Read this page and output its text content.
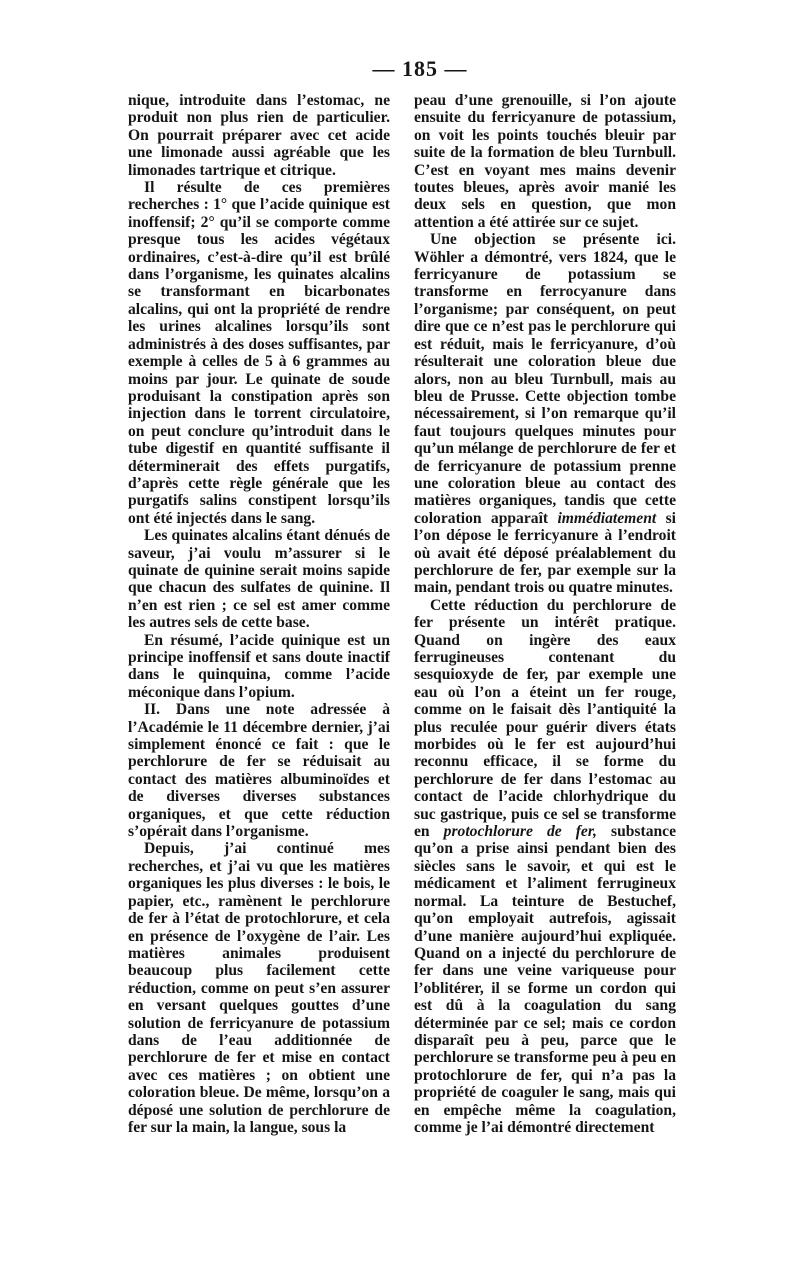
— 185 —

nique, introduite dans l’estomac, ne produit non plus rien de particulier. On pourrait préparer avec cet acide une limonade aussi agréable que les limonades tartrique et citrique.

Il résulte de ces premières recherches : 1° que l’acide quinique est inoffensif; 2° qu’il se comporte comme presque tous les acides végétaux ordinaires, c’est-à-dire qu’il est brûlé dans l’organisme, les quinates alcalins se transformant en bicarbonates alcalins, qui ont la propriété de rendre les urines alcalines lorsqu’ils sont administrés à des doses suffisantes, par exemple à celles de 5 à 6 grammes au moins par jour. Le quinate de soude produisant la constipation après son injection dans le torrent circulatoire, on peut conclure qu’introduit dans le tube digestif en quantité suffisante il déterminerait des effets purgatifs, d’après cette règle générale que les purgatifs salins constipent lorsqu’ils ont été injectés dans le sang.

Les quinates alcalins étant dénués de saveur, j’ai voulu m’assurer si le quinate de quinine serait moins sapide que chacun des sulfates de quinine. Il n’en est rien ; ce sel est amer comme les autres sels de cette base.

En résumé, l’acide quinique est un principe inoffensif et sans doute inactif dans le quinquina, comme l’acide méconique dans l’opium.

II. Dans une note adressée à l’Académie le 11 décembre dernier, j’ai simplement énoncé ce fait : que le perchlorure de fer se réduisait au contact des matières albuminoïdes et de diverses diverses substances organiques, et que cette réduction s’opérait dans l’organisme.

Depuis, j’ai continué mes recherches, et j’ai vu que les matières organiques les plus diverses : le bois, le papier, etc., ramènent le perchlorure de fer à l’état de protochlorure, et cela en présence de l’oxygène de l’air. Les matières animales produisent beaucoup plus facilement cette réduction, comme on peut s’en assurer en versant quelques gouttes d’une solution de ferricyanure de potassium dans de l’eau additionnée de perchlorure de fer et mise en contact avec ces matières ; on obtient une coloration bleue. De même, lorsqu’on a déposé une solution de perchlorure de fer sur la main, la langue, sous la

peau d’une grenouille, si l’on ajoute ensuite du ferricyanure de potassium, on voit les points touchés bleuir par suite de la formation de bleu Turnbull. C’est en voyant mes mains devenir toutes bleues, après avoir manié les deux sels en question, que mon attention a été attirée sur ce sujet.

Une objection se présente ici. Wöhler a démontré, vers 1824, que le ferricyanure de potassium se transforme en ferrocyanure dans l’organisme; par conséquent, on peut dire que ce n’est pas le perchlorure qui est réduit, mais le ferricyanure, d’où résulterait une coloration bleue due alors, non au bleu Turnbull, mais au bleu de Prusse. Cette objection tombe nécessairement, si l’on remarque qu’il faut toujours quelques minutes pour qu’un mélange de perchlorure de fer et de ferricyanure de potassium prenne une coloration bleue au contact des matières organiques, tandis que cette coloration apparaît immédiatement si l’on dépose le ferricyanure à l’endroit où avait été déposé préalablement du perchlorure de fer, par exemple sur la main, pendant trois ou quatre minutes.

Cette réduction du perchlorure de fer présente un intérêt pratique. Quand on ingère des eaux ferrugineuses contenant du sesquioxyde de fer, par exemple une eau où l’on a éteint un fer rouge, comme on le faisait dès l’antiquité la plus reculée pour guérir divers états morbides où le fer est aujourd’hui reconnu efficace, il se forme du perchlorure de fer dans l’estomac au contact de l’acide chlorhydrique du suc gastrique, puis ce sel se transforme en protochlorure de fer, substance qu’on a prise ainsi pendant bien des siècles sans le savoir, et qui est le médicament et l’aliment ferrugineux normal. La teinture de Bestuchef, qu’on employait autrefois, agissait d’une manière aujourd’hui expliquée. Quand on a injecté du perchlorure de fer dans une veine variqueuse pour l’oblitérer, il se forme un cordon qui est dû à la coagulation du sang déterminée par ce sel; mais ce cordon disparaît peu à peu, parce que le perchlorure se transforme peu à peu en protochlorure de fer, qui n’a pas la propriété de coaguler le sang, mais qui en empêche même la coagulation, comme je l’ai démontré directement
